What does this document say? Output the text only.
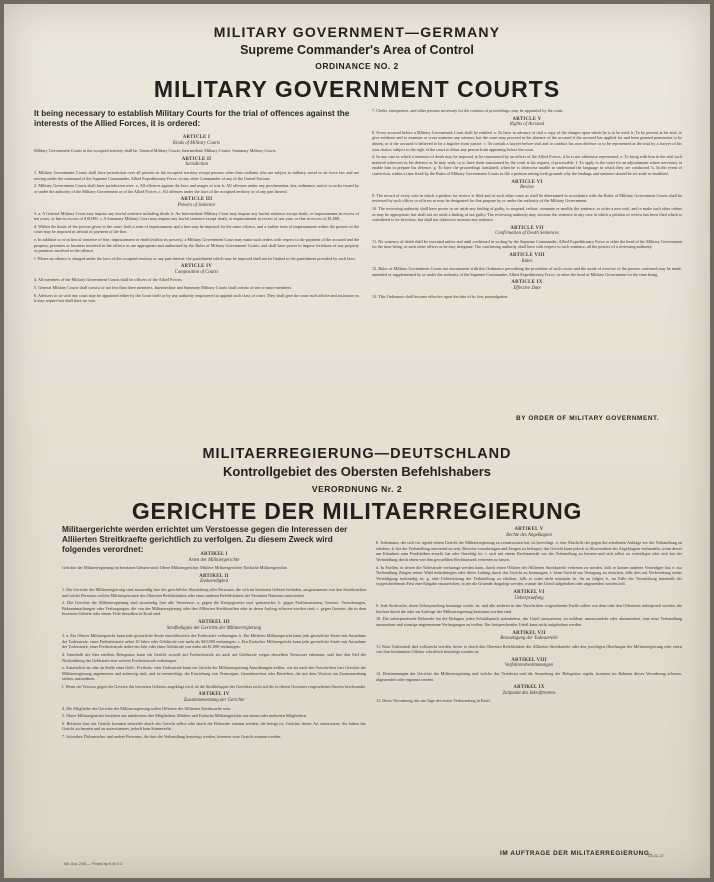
MILITARY GOVERNMENT—GERMANY
Supreme Commander's Area of Control
ORDINANCE NO. 2
MILITARY GOVERNMENT COURTS
It being necessary to establish Military Courts for the trial of offences against the interests of the Allied Forces, it is ordered:
ARTICLE I
Kinds of Military Courts

Military Government Courts in the occupied territory shall be: General Military Courts; Intermediate Military Courts; Summary Military Courts.

ARTICLE II
Jurisdiction

1. Military Government Courts shall have jurisdiction over all persons in the occupied territory except persons other than civilians who are subject to military, naval or air force law and are serving under the command of the Supreme Commander, Allied Expeditionary Force, or any other Commander of any of the United Nations.

2. Military Government Courts shall have jurisdiction over: a. All offences against the laws and usages of war. b. All offences under any proclamation, law, ordinance, notice or order issued by or under the authority of the Military Government or of the Allied Forces. c. All offences under the laws of the occupied territory or of any part thereof.

ARTICLE III
Powers of Sentence

3. a. A General Military Court may impose any lawful sentence including death. b. An Intermediate Military Court may impose any lawful sentence except death, or imprisonment in excess of ten years, or fine in excess of $10,000. c. A Summary Military Court may impose any lawful sentence except death, or imprisonment in excess of one year, or fine in excess of $1,000.

d. Within the limits of the powers given to the court, both a term of imprisonment and a fine may be imposed for the same offence, and a further term of imprisonment within the powers of the court may be imposed in default of payment of the fine.

e. In addition to or in lieu of sentence of fine, imprisonment or death (within its powers), a Military Government Court may make such orders with respect to the payment of the accused and the property, premises or business involved in the offence as are appropriate and authorized by the Rules of Military Government Courts; and shall have power to impose forfeiture of any property or premises involved in the offence.

f. Where an offence is charged under the laws of the occupied territory or any part thereof, the punishment which may be imposed shall not be limited to the punishment provided by such laws.

ARTICLE IV
Composition of Courts

4. All members of the Military Government Courts shall be officers of the Allied Forces.

5. General Military Courts shall consist of not less than three members. Intermediate and Summary Military Courts shall consist of one or more members.

6. Advisers to sit with any court may be appointed either by the Court itself or by any authority empowered to appoint such class of court. They shall give the court such advice and assistance as it may require but shall have no vote.

7. Clerks, interpreters, and other persons necessary for the conduct of proceedings, may be appointed by the court.

ARTICLE V
Rights of Accused

8. Every accused before a Military Government Court shall be entitled: a. To have in advance of trial a copy of the charges upon which he is to be tried. b. To be present at his trial, to give evidence and to examine or cross-examine any witness; but the court may proceed in the absence of the accused if the accused has applied for and been granted permission to be absent, or if the accused is believed to be a fugitive from justice. c. To consult a lawyer before trial and to conduct his own defence or to be represented at the trial by a lawyer of his own choice, subject to the right of the court to debar any person from appearing before the court.

d. In any case in which a sentence of death may be imposed, to be represented by an officer of the Allied Forces, if he is not otherwise represented. e. To bring with him to the trial such material witnesses in his defence as he may wish, or to have them summoned by the court at his request, if practicable. f. To apply to the court for an adjournment where necessary to enable him to prepare his defence. g. To have the proceedings translated, when he is otherwise unable to understand the language in which they are conducted. h. In the event of conviction, within a time fixed by the Rules of Military Government Courts to file a petition setting forth grounds why the findings and sentence should be set aside or modified.

ARTICLE VI
Review

9. The record of every case in which a petition for review is filed and of such other cases as shall be determined in accordance with the Rules of Military Government Courts shall be reviewed by such officer or officers as may be designated for that purpose by or under the authority of the Military Government.

10. The reviewing authority shall have power to set aside any finding of guilty, to suspend, reduce, commute or modify the sentence, to order a new trial, and to make such other orders as may be appropriate, but shall not set aside a finding of not guilty. The reviewing authority may increase the sentence in any case in which a petition of review has been filed which is considered to be frivolous, but shall not otherwise increase any sentence.

ARTICLE VII
Confirmation of Death Sentences

11. No sentence of death shall be executed unless and until confirmed in writing by the Supreme Commander, Allied Expeditionary Force or other the head of the Military Government for the time being, or such other officer as he may designate. The confirming authority shall have with respect to such sentence, all the powers of a reviewing authority.

ARTICLE VIII
Rules

12. Rules of Military Government Courts not inconsistent with this Ordinance prescribing the procedure of such courts and the mode of exercise of the powers conferred may be made, amended or supplemented by or under the authority of the Supreme Commander, Allied Expeditionary Force, or other the head of Military Government for the time being.

ARTICLE IX
Effective Date

13. This Ordinance shall become effective upon the date of its first promulgation.

BY ORDER OF MILITARY GOVERNMENT.
MILITAERREGIERUNG—DEUTSCHLAND
Kontrollgebiet des Obersten Befehlshabers
VERORDNUNG Nr. 2
GERICHTE DER MILITAERREGIERUNG
Militaergerichte werden errichtet um Verstoesse gegen die Interessen der Alliierten Streitkraefte gerichtlich zu verfolgen. Zu diesem Zweck wird folgendes verordnet:
ARTIKEL I
Arten der Militaergerichte

Gerichte der Militaerregierung im besetzten Gebiete sind: Obere Militaergerichte; Mittlere Militaergerichte; Einfache Militaergerichte.

ARTIKEL II
Zustaendigkeit

1. Die Gerichte der Militaerregierung sind zustaendig fuer die gerichtliche Aburteilung aller Personen, die sich im besetzten Gebiete befinden, ausgenommen von den Streitkraeften und solche Personen welche Militaerpersonen des Obersten Befehlshabers oder eines anderen Befehlshabers der Vereinten Nationen unterstehen.

2. Die Gerichte der Militaerregierung sind zustaendig fuer alle Verstoesse: a. gegen die Kriegsgesetze und -gebraeuche; b. gegen Proklamationen, Gesetze, Verordnungen, Bekanntmachungen oder Verfuegungen, die von der Militaerregierung oder den Alliierten Streitkraeften oder in deren Auftrag erlassen worden sind; c. gegen Gesetze, die in dem besetzten Gebiete oder einem Teile desselben in Kraft sind.

ARTIKEL III
Strafbefugnis der Gerichte der Militaerregierung

3. a. Ein Oberes Militaergericht kann jede gesetzliche Strafe einschliesslich der Todesstrafe verhaengen. b. Ein Mittleres Militaergericht kann jede gesetzliche Strafe mit Ausnahme der Todesstrafe, einer Freiheitsstrafe ueber 10 Jahre oder Geldstrafe von mehr als $10,000 verhaengen. c. Ein Einfaches Militaergericht kann jede gesetzliche Strafe mit Ausnahme der Todesstrafe, einer Freiheitsstrafe ueber ein Jahr oder einer Geldstrafe von mehr als $1,000 verhaengen.

d. Innerhalb der ihm erteilten Befugnisse kann ein Gericht sowohl auf Freiheitsstrafe als auch auf Geldstrafe wegen desselben Verstosses erkennen, und fuer den Fall der Nichtzahlung der Geldstrafe eine weitere Freiheitsstrafe verhaengen.

e. Zusaetzlich zu oder an Stelle einer Geld-, Freiheits- oder Todesstrafe kann ein Gericht der Militaerregierung Anordnungen treffen, wie sie nach den Vorschriften fuer Gerichte der Militaerregierung angemessen und zulaessig sind, und ist ermaechtigt, die Einziehung von Vermoegen, Grundstuecken oder Betrieben, die mit dem Verstoss im Zusammenhang stehen, anzuordnen.

f. Wenn ein Verstoss gegen die Gesetze des besetzten Gebietes angeklagt wird, ist die Strafbefugnis des Gerichtes nicht auf die in diesen Gesetzen vorgesehenen Strafen beschraenkt.

ARTIKEL IV
Zusammensetzung der Gerichte

4. Die Mitglieder der Gerichte der Militaerregierung sollen Offiziere der Alliierten Streitkraefte sein.

5. Obere Militaergerichte bestehen aus mindestens drei Mitgliedern. Mittlere und Einfache Militaergerichte aus einem oder mehreren Mitgliedern.

6. Beisitzer fuer ein Gericht koennen entweder durch das Gericht selbst oder durch die Behoerde ernannt werden, die befugt ist, Gerichte dieser Art einzusetzen. Sie haben das Gericht zu beraten und zu unterstuetzen, jedoch kein Stimmrecht.

7. Schreiber, Dolmetscher und andere Personen, die fuer die Verhandlung benoetigt werden, koennen vom Gericht ernannt werden.

ARTIKEL V
Rechte des Angeklagten

8. Jedermann, der sich vor irgend einem Gericht der Militaerregierung zu verantworten hat, ist berechtigt: a. eine Abschrift der gegen ihn erhobenen Anklage vor der Verhandlung zu erhalten; b. bei der Verhandlung anwesend zu sein, Beweise vorzubringen und Zeugen zu befragen; das Gericht kann jedoch in Abwesenheit des Angeklagten verhandeln, wenn dieser um Erlaubnis zum Fernbleiben ersucht hat oder fluechtig ist; c. sich mit einem Rechtsanwalt vor der Verhandlung zu beraten und sich selbst zu verteidigen oder sich bei der Verhandlung durch einen von ihm gewaehlten Rechtsanwalt vertreten zu lassen.

d. In Faellen, in denen die Todesstrafe verhaengt werden kann, durch einen Offizier der Alliierten Streitkraefte vertreten zu werden, falls er keinen anderen Verteidiger hat; e. zur Verhandlung Zeugen seiner Wahl mitzubringen oder deren Ladung durch das Gericht zu beantragen; f. beim Gericht um Vertagung zu ersuchen, falls dies zur Vorbereitung seiner Verteidigung notwendig ist; g. eine Uebersetzung der Verhandlung zu erhalten, falls er sonst nicht imstande ist, ihr zu folgen; h. im Falle der Verurteilung innerhalb der vorgeschriebenen Frist eine Eingabe einzureichen, in der die Gruende dargelegt werden, warum das Urteil aufgehoben oder abgeaendert werden soll.

ARTIKEL VI
Ueberpruefung

9. Jede Strafsache, deren Ueberpruefung beantragt wurde, ist, und alle anderen in den Vorschriften vorgesehenen Faelle sollen von dem oder den Offizieren ueberprueft werden, die hierfuer durch die oder im Auftrage der Militaerregierung bestimmt worden sind.

10. Die ueberpruefende Behoerde hat die Befugnis jeden Schuldspruch aufzuheben, das Urteil auszusetzen, zu mildern, umzuwandeln oder abzuaendern, eine neue Verhandlung anzuordnen und sonstige angemessene Verfuegungen zu treffen. Ein freisprechendes Urteil kann nicht aufgehoben werden.

ARTIKEL VII
Bestaetigung der Todesurteile

11. Kein Todesurteil darf vollstreckt werden, bevor es durch den Obersten Befehlshaber der Alliierten Streitkraefte oder den jeweiligen Oberhaupte der Militaerregierung oder einen von ihm bestimmten Offizier schriftlich bestaetigt worden ist.

ARTIKEL VIII
Verfahrensbestimmungen

12. Bestimmungen der Gerichte der Militaerregierung und welche das Verfahren und die Ausuebung der Befugnisse regeln, koennen im Rahmen dieser Verordnung erlassen, abgeaendert oder ergaenzt werden.

ARTIKEL IX
Zeitpunkt des Inkrafttretens

13. Diese Verordnung tritt am Tage der ersten Verkuendung in Kraft.

IM AUFTRAGE DER MILITAERREGIERUNG.
Mil. Gov. 2/45 — Printed by H.M.S.O.
CA.GL.27
